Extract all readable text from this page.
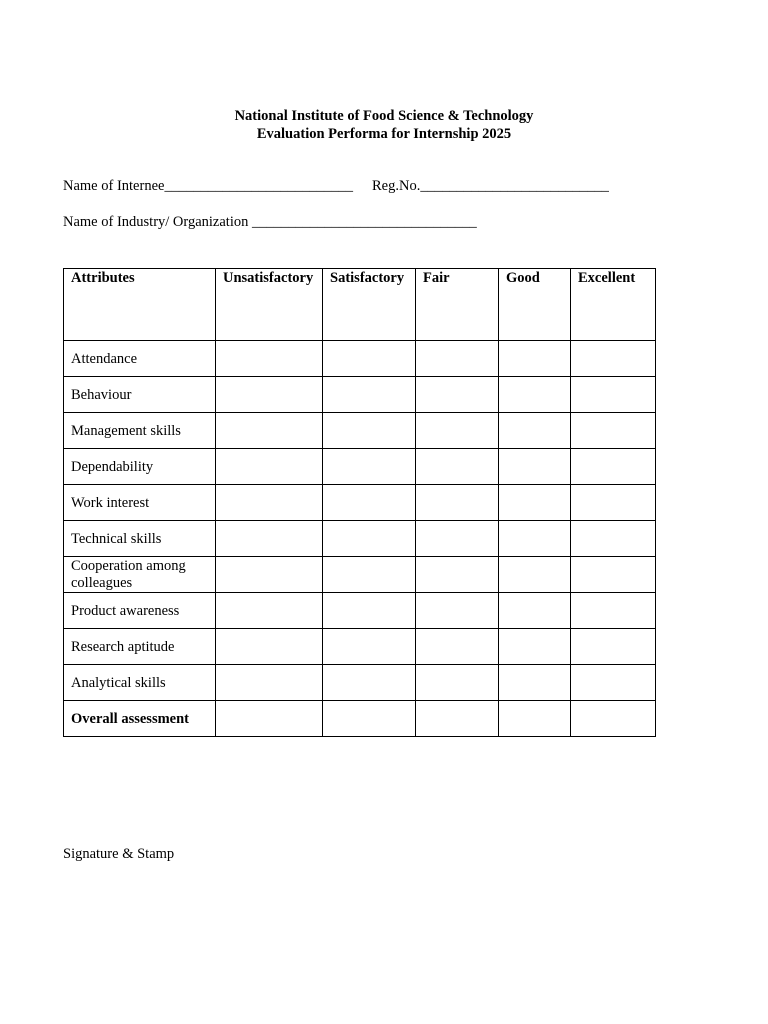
National Institute of Food Science & Technology
Evaluation Performa for Internship 2025
Name of Internee__________________________ Reg.No.__________________________
Name of Industry/ Organization _______________________________
Attributes	Unsatisfactory	Satisfactory	Fair	Good	Excellent
Attendance					
Behaviour					
Management skills					
Dependability					
Work interest					
Technical skills					
Cooperation among colleagues					
Product awareness					
Research aptitude					
Analytical skills					
Overall assessment					
Signature & Stamp
